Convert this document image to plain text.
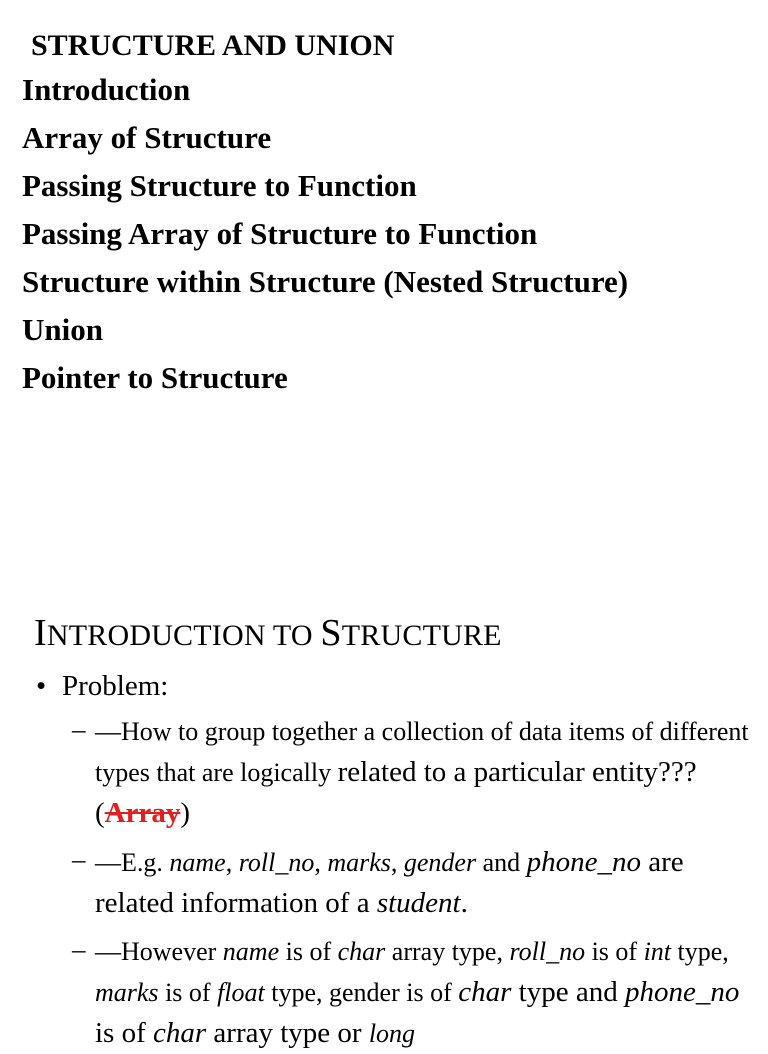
STRUCTURE AND UNION
Introduction
Array of Structure
Passing Structure to Function
Passing Array of Structure to Function
Structure within Structure (Nested Structure)
Union
Pointer to Structure
INTRODUCTION TO STRUCTURE
• Problem:
– —How to group together a collection of data items of different types that are logically related to a particular entity??? (Array)
– —E.g. name, roll_no, marks, gender and phone_no are related information of a student.
– —However name is of char array type, roll_no is of int type, marks is of float type, gender is of char type and phone_no is of char array type or long
